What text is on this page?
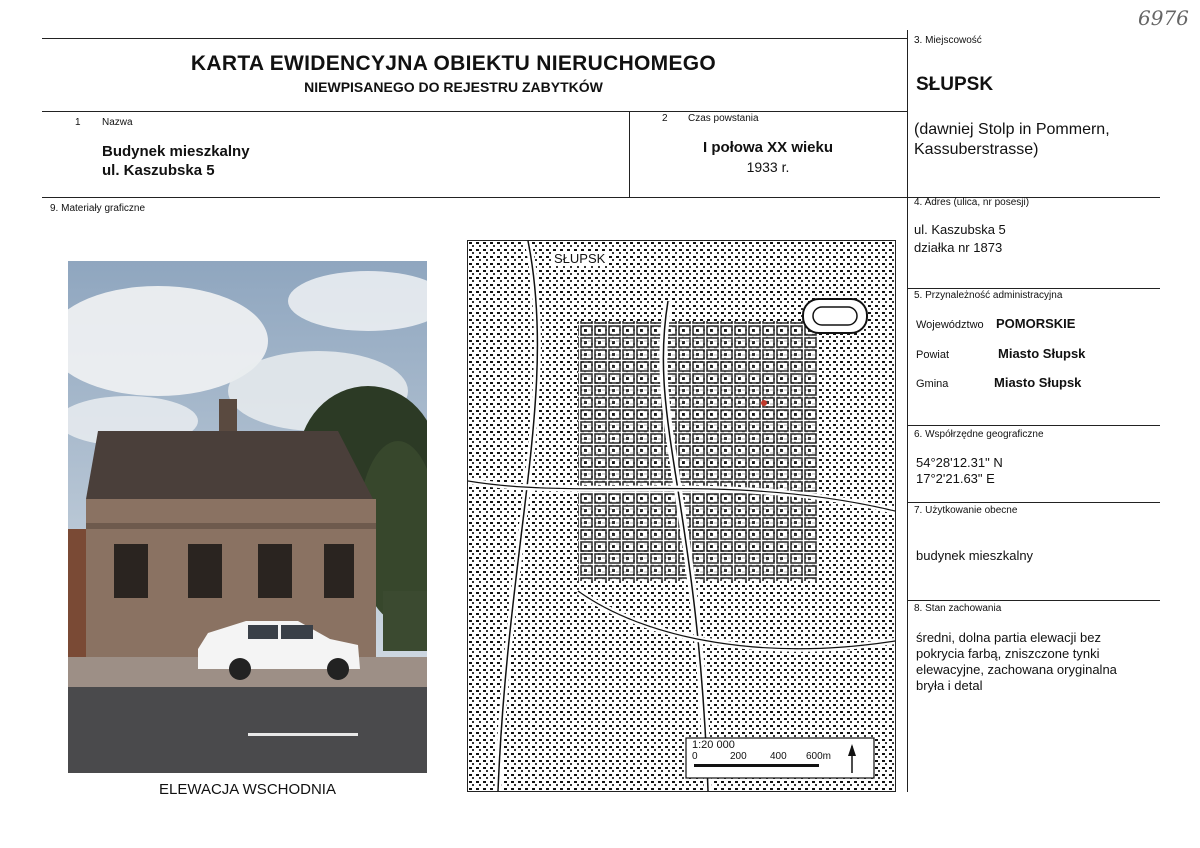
6976
KARTA EWIDENCYJNA OBIEKTU NIERUCHOMEGO
NIEWPISANEGO DO REJESTRU ZABYTKÓW
1 Nazwa
Budynek mieszkalny
ul. Kaszubska 5
2 Czas powstania
I połowa XX wieku
1933 r.
3. Miejscowość
SŁUPSK
(dawniej Stolp in Pommern,
Kassuberstrasse)
4. Adres (ulica, nr posesji)
ul. Kaszubska 5
działka nr 1873
5. Przynależność administracyjna
Województwo POMORSKIE
Powiat	Miasto Słupsk
Gmina	Miasto Słupsk
6. Współrzędne geograficzne
54°28'12.31" N
17°2'21.63" E
7. Użytkowanie obecne
budynek mieszkalny
8. Stan zachowania
średni, dolna partia elewacji bez
pokrycia farbą, zniszczone tynki
elewacyjne, zachowana oryginalna
bryła i detal
9. Materiały graficzne
ELEWACJA WSCHODNIA
SŁUPSK
1:20 000
0	200 400 600m
